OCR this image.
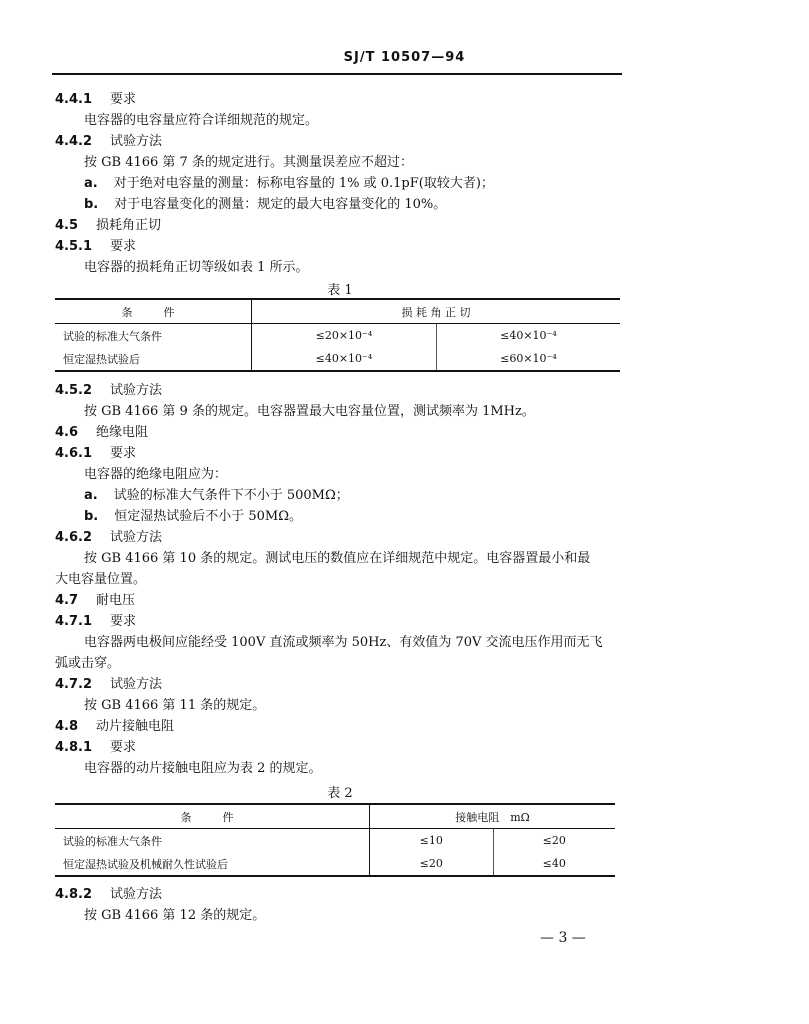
SJ/T 10507—94
4.4.1 要求
电容器的电容量应符合详细规范的规定。
4.4.2 试验方法
按 GB 4166 第 7 条的规定进行。其测量误差应不超过：
a. 对于绝对电容量的测量：标称电容量的 1% 或 0.1pF(取较大者)；
b. 对于电容量变化的测量：规定的最大电容量变化的 10%。
4.5 损耗角正切
4.5.1 要求
电容器的损耗角正切等级如表 1 所示。
表 1
条　件	损 耗 角 正 切	
试验的标准大气条件	≤20×10⁻⁴	≤40×10⁻⁴
恒定湿热试验后	≤40×10⁻⁴	≤60×10⁻⁴
4.5.2 试验方法
按 GB 4166 第 9 条的规定。电容器置最大电容量位置，测试频率为 1MHz。
4.6 绝缘电阻
4.6.1 要求
电容器的绝缘电阻应为：
a. 试验的标准大气条件下不小于 500MΩ；
b. 恒定湿热试验后不小于 50MΩ。
4.6.2 试验方法
按 GB 4166 第 10 条的规定。测试电压的数值应在详细规范中规定。电容器置最小和最
大电容量位置。
4.7 耐电压
4.7.1 要求
电容器两电极间应能经受 100V 直流或频率为 50Hz、有效值为 70V 交流电压作用而无飞
弧或击穿。
4.7.2 试验方法
按 GB 4166 第 11 条的规定。
4.8 动片接触电阻
4.8.1 要求
电容器的动片接触电阻应为表 2 的规定。
表 2
条　件	接触电阻　mΩ	
试验的标准大气条件	≤10	≤20
恒定湿热试验及机械耐久性试验后	≤20	≤40
4.8.2 试验方法
按 GB 4166 第 12 条的规定。
— 3 —
